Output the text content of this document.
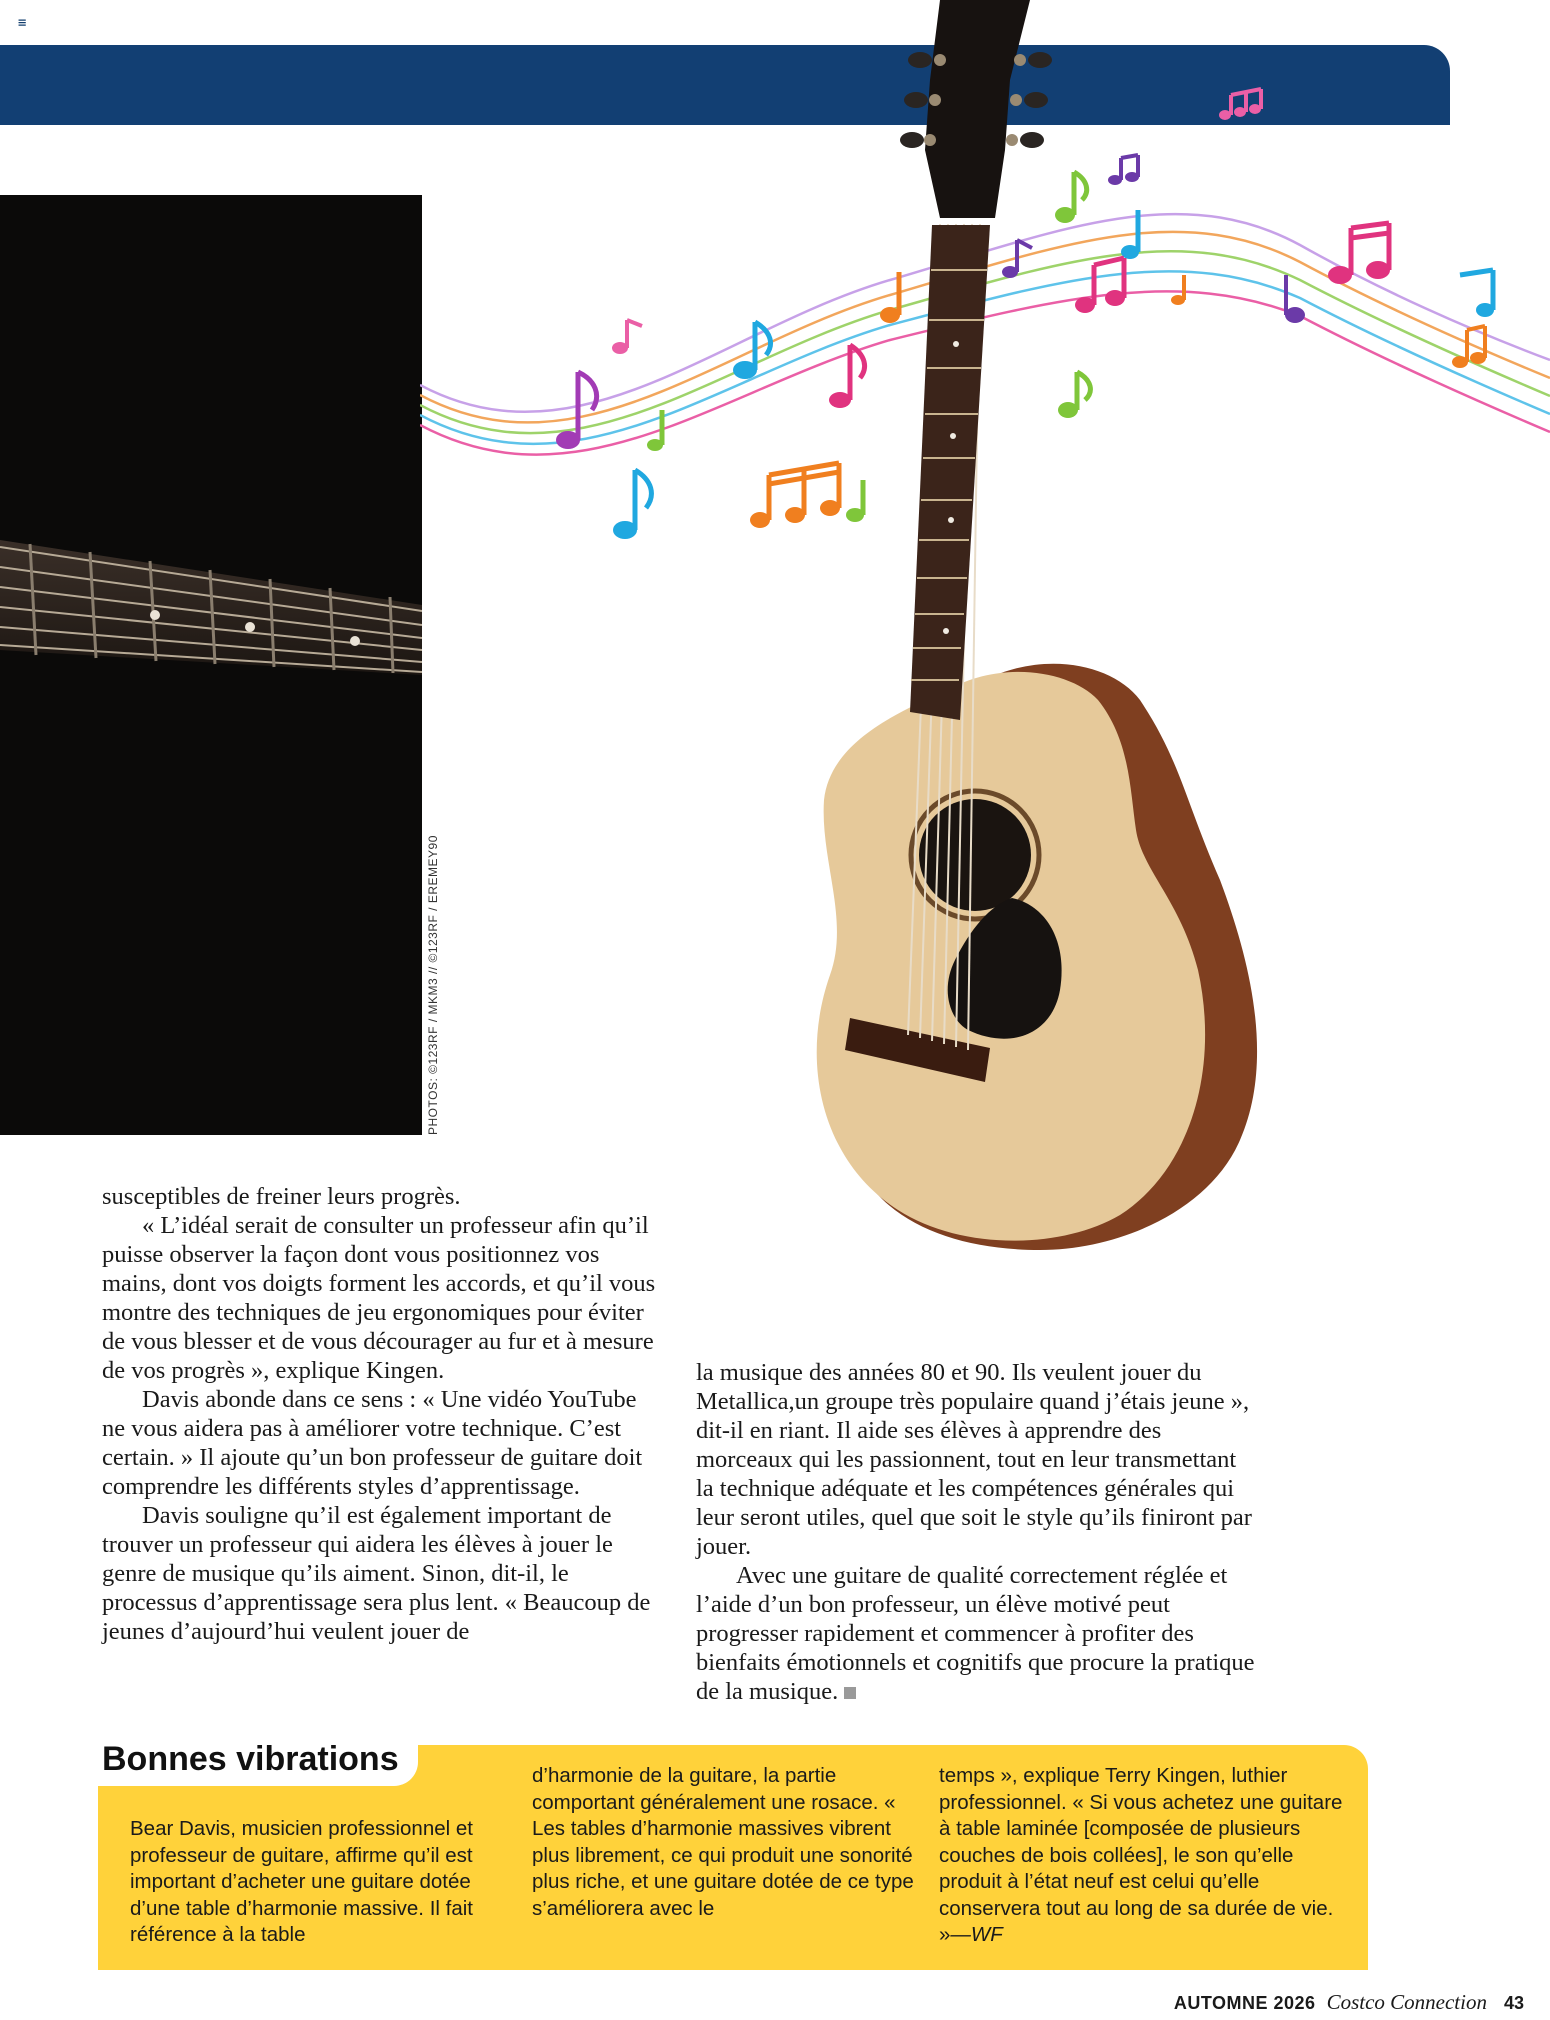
≡
PHOTOS: ©123RF / MKM3 // ©123RF / EREMEY90

susceptibles de freiner leurs progrès.

« L’idéal serait de consulter un professeur afin qu’il puisse observer la façon dont vous positionnez vos mains, dont vos doigts forment les accords, et qu’il vous montre des techniques de jeu ergonomiques pour éviter de vous blesser et de vous décourager au fur et à mesure de vos progrès », explique Kingen.

Davis abonde dans ce sens : « Une vidéo YouTube ne vous aidera pas à améliorer votre technique. C’est certain. » Il ajoute qu’un bon professeur de guitare doit comprendre les différents styles d’apprentissage.

Davis souligne qu’il est également important de trouver un professeur qui aidera les élèves à jouer le genre de musique qu’ils aiment. Sinon, dit-il, le processus d’apprentissage sera plus lent. « Beaucoup de jeunes d’aujourd’hui veulent jouer de

la musique des années 80 et 90. Ils veulent jouer du Metallica,un groupe très populaire quand j’étais jeune », dit-il en riant. Il aide ses élèves à apprendre des morceaux qui les passionnent, tout en leur transmettant la technique adéquate et les compétences générales qui leur seront utiles, quel que soit le style qu’ils finiront par jouer.

Avec une guitare de qualité correctement réglée et l’aide d’un bon professeur, un élève motivé peut progresser rapidement et commencer à profiter des bienfaits émotionnels et cognitifs que procure la pratique de la musique.

Bonnes vibrations
Bear Davis, musicien professionnel et professeur de guitare, affirme qu’il est important d’acheter une guitare dotée d’une table d’harmonie massive. Il fait référence à la table
d’harmonie de la guitare, la partie comportant généralement une rosace. « Les tables d’harmonie massives vibrent plus librement, ce qui produit une sonorité plus riche, et une guitare dotée de ce type s’améliorera avec le
temps », explique Terry Kingen, luthier professionnel. « Si vous achetez une guitare à table laminée [composée de plusieurs couches de bois collées], le son qu’elle produit à l’état neuf est celui qu’elle conservera tout au long de sa durée de vie. »—WF
AUTOMNE 2026 Costco Connection 43
